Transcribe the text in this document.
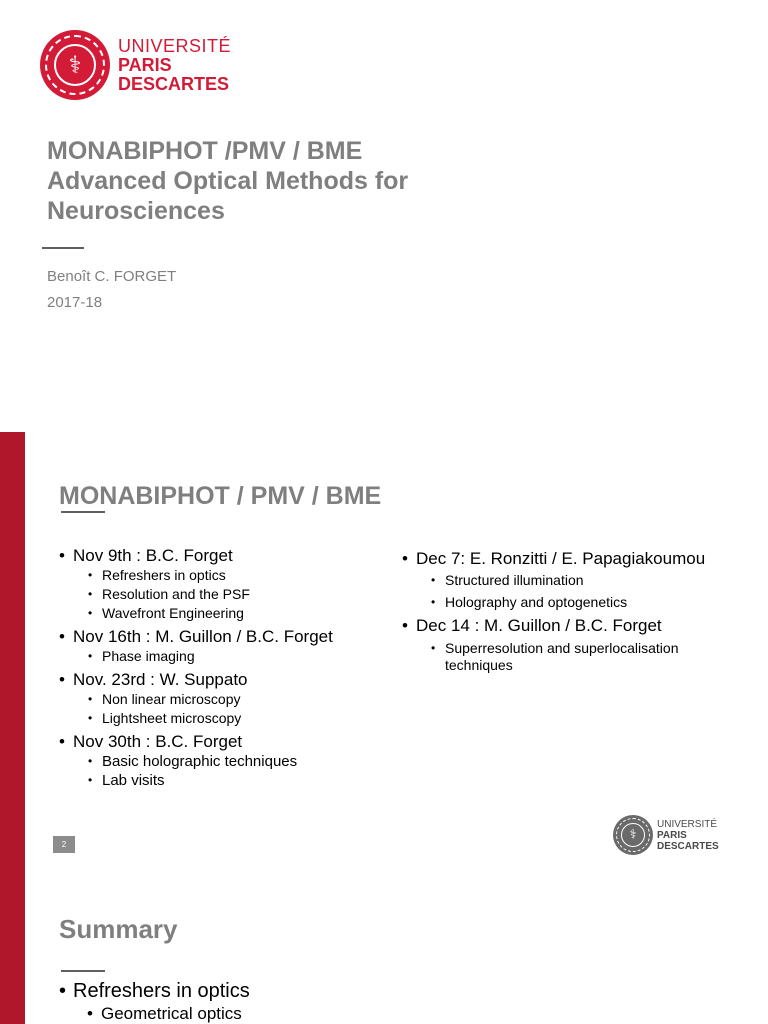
⚕
UNIVERSITÉ
PARIS
DESCARTES
MONABIPHOT /PMV / BME
Advanced Optical Methods for
Neurosciences
Benoît C. FORGET
2017-18
MONABIPHOT / PMV / BME
• Nov 9th : B.C. Forget
• Refreshers in optics
• Resolution and the PSF
• Wavefront Engineering
• Nov 16th : M. Guillon / B.C. Forget
• Phase imaging
• Nov. 23rd : W. Suppato
• Non linear microscopy
• Lightsheet microscopy
• Nov 30th : B.C. Forget
• Basic holographic techniques
• Lab visits
• Dec 7: E. Ronzitti / E. Papagiakoumou
• Structured illumination
• Holography and optogenetics
• Dec 14 : M. Guillon / B.C. Forget
• Superresolution and superlocalisation techniques
2
⚕
UNIVERSITÉ
PARIS
DESCARTES
Summary
• Refreshers in optics
• Geometrical optics
